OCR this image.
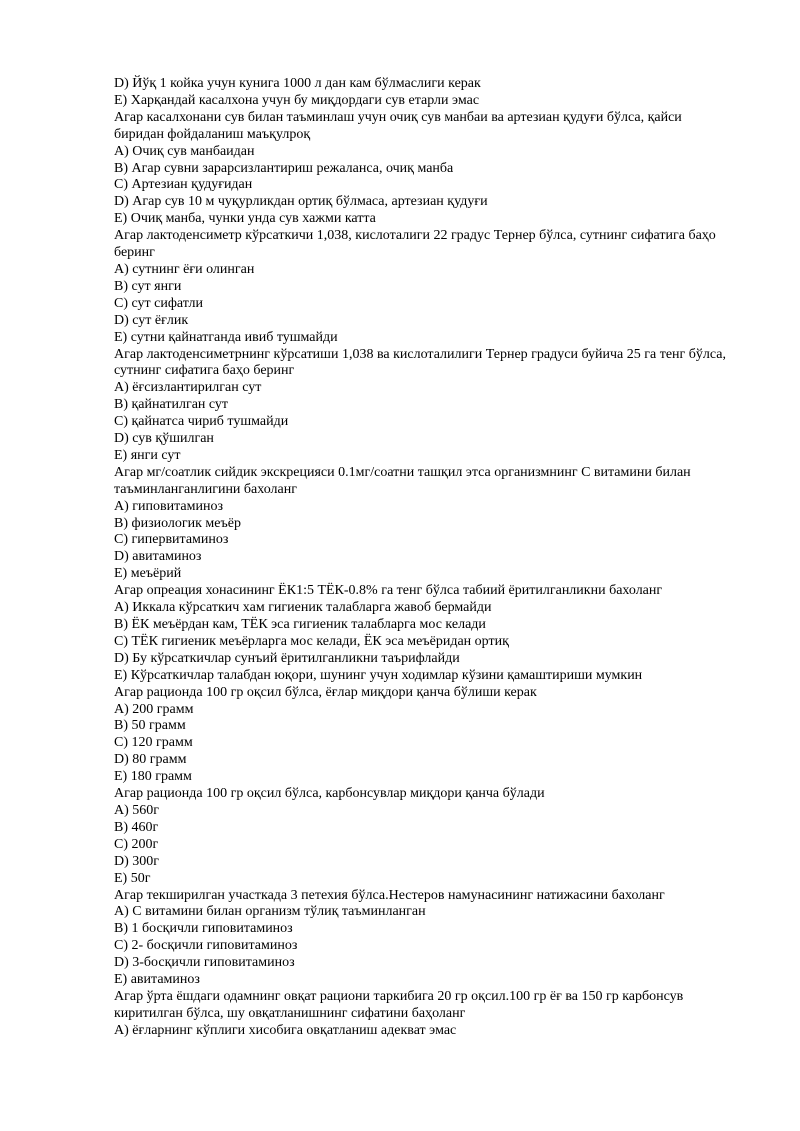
D) Йўқ 1 койка учун кунига 1000 л дан кам бўлмаслиги керак
E) Харқандай касалхона учун бу миқдордаги сув етарли эмас
Агар касалхонани сув билан таъминлаш учун очиқ сув манбаи ва артезиан қудуғи бўлса, қайси биридан фойдаланиш маъқулроқ
A) Очиқ сув манбаидан
B) Агар сувни зарарсизлантириш режаланса, очиқ манба
C) Артезиан қудуғидан
D) Агар сув 10 м чуқурликдан ортиқ бўлмаса, артезиан қудуғи
E) Очиқ манба, чунки унда сув хажми катта
Агар лактоденсиметр кўрсаткичи 1,038, кислоталиги 22 градус Тернер бўлса, сутнинг сифатига баҳо беринг
A) сутнинг ёғи олинган
B) сут янги
C) сут сифатли
D) сут ёғлик
E) сутни қайнатганда ивиб тушмайди
Агар лактоденсиметрнинг кўрсатиши 1,038 ва кислоталилиги Тернер градуси буйича 25 га тенг бўлса, сутнинг сифатига баҳо беринг
A) ёғсизлантирилган сут
B) қайнатилган сут
C) қайнатса чириб тушмайди
D) сув қўшилган
E) янги сут
Агар мг/соатлик сийдик экскрецияси 0.1мг/соатни ташқил этса организмнинг С витамини билан таъминланганлигини бахоланг
A) гиповитаминоз
B) физиологик меъёр
C) гипервитаминоз
D) авитаминоз
E) меъёрий
Агар опреация хонасининг ЁК1:5 ТЁК-0.8% га тенг бўлса табиий ёритилганликни бахоланг
A) Иккала кўрсаткич хам гигиеник талабларга жавоб бермайди
B) ЁК меъёрдан кам, ТЁК эса гигиеник талабларга мос келади
C) ТЁК гигиеник меъёрларга мос келади, ЁК эса меъёридан ортиқ
D) Бу кўрсаткичлар сунъий ёритилганликни таърифлайди
E) Кўрсаткичлар талабдан юқори, шунинг учун ходимлар кўзини қамаштириши мумкин
Агар рационда 100 гр оқсил бўлса, ёғлар миқдори қанча бўлиши керак
A) 200 грамм
B) 50 грамм
C) 120 грамм
D) 80 грамм
E) 180 грамм
Агар рационда 100 гр оқсил бўлса, карбонсувлар миқдори қанча бўлади
A) 560г
B) 460г
C) 200г
D) 300г
E) 50г
Агар текширилган участкада 3 петехия бўлса.Нестеров намунасининг натижасини бахоланг
A) С витамини билан организм тўлиқ таъминланган
B) 1 босқичли гиповитаминоз
C) 2- босқичли гиповитаминоз
D) 3-босқичли гиповитаминоз
E) авитаминоз
Агар ўрта ёшдаги одамнинг овқат рациони таркибига 20 гр оқсил.100 гр ёғ ва 150 гр карбонсув киритилган бўлса, шу овқатланишнинг сифатини баҳоланг
A) ёғларнинг кўплиги хисобига овқатланиш адекват эмас
